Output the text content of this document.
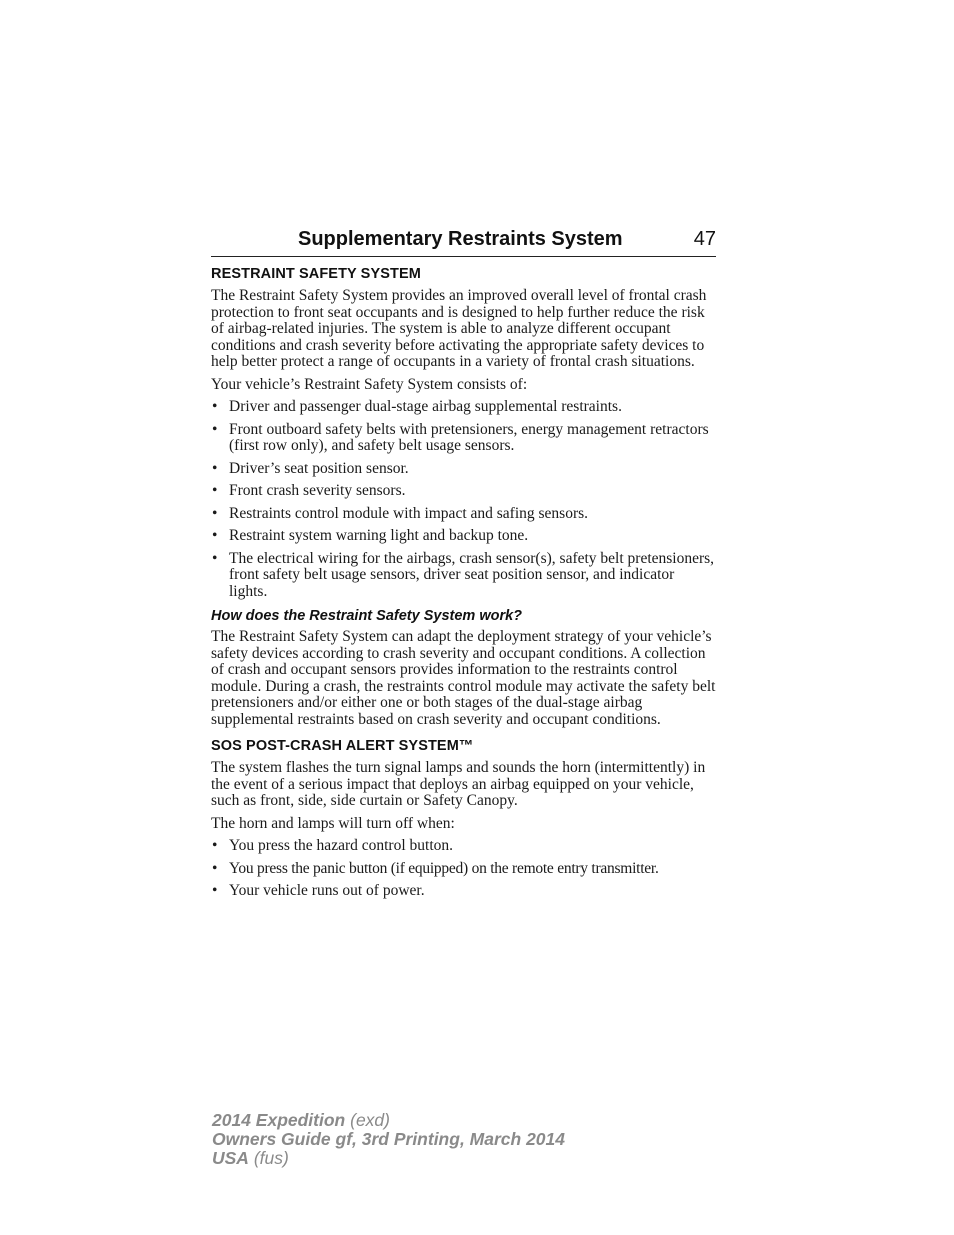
Supplementary Restraints System	47
RESTRAINT SAFETY SYSTEM

The Restraint Safety System provides an improved overall level of frontal crash protection to front seat occupants and is designed to help further reduce the risk of airbag-related injuries. The system is able to analyze different occupant conditions and crash severity before activating the appropriate safety devices to help better protect a range of occupants in a variety of frontal crash situations.

Your vehicle’s Restraint Safety System consists of:

• Driver and passenger dual-stage airbag supplemental restraints.
• Front outboard safety belts with pretensioners, energy management retractors (first row only), and safety belt usage sensors.
• Driver’s seat position sensor.
• Front crash severity sensors.
• Restraints control module with impact and safing sensors.
• Restraint system warning light and backup tone.
• The electrical wiring for the airbags, crash sensor(s), safety belt pretensioners, front safety belt usage sensors, driver seat position sensor, and indicator lights.
How does the Restraint Safety System work?

The Restraint Safety System can adapt the deployment strategy of your vehicle’s safety devices according to crash severity and occupant conditions. A collection of crash and occupant sensors provides information to the restraints control module. During a crash, the restraints control module may activate the safety belt pretensioners and/or either one or both stages of the dual-stage airbag supplemental restraints based on crash severity and occupant conditions.

SOS POST-CRASH ALERT SYSTEM™

The system flashes the turn signal lamps and sounds the horn (intermittently) in the event of a serious impact that deploys an airbag equipped on your vehicle, such as front, side, side curtain or Safety Canopy.

The horn and lamps will turn off when:

• You press the hazard control button.
• You press the panic button (if equipped) on the remote entry transmitter.
• Your vehicle runs out of power.
2014 Expedition (exd)
Owners Guide gf, 3rd Printing, March 2014
USA (fus)
